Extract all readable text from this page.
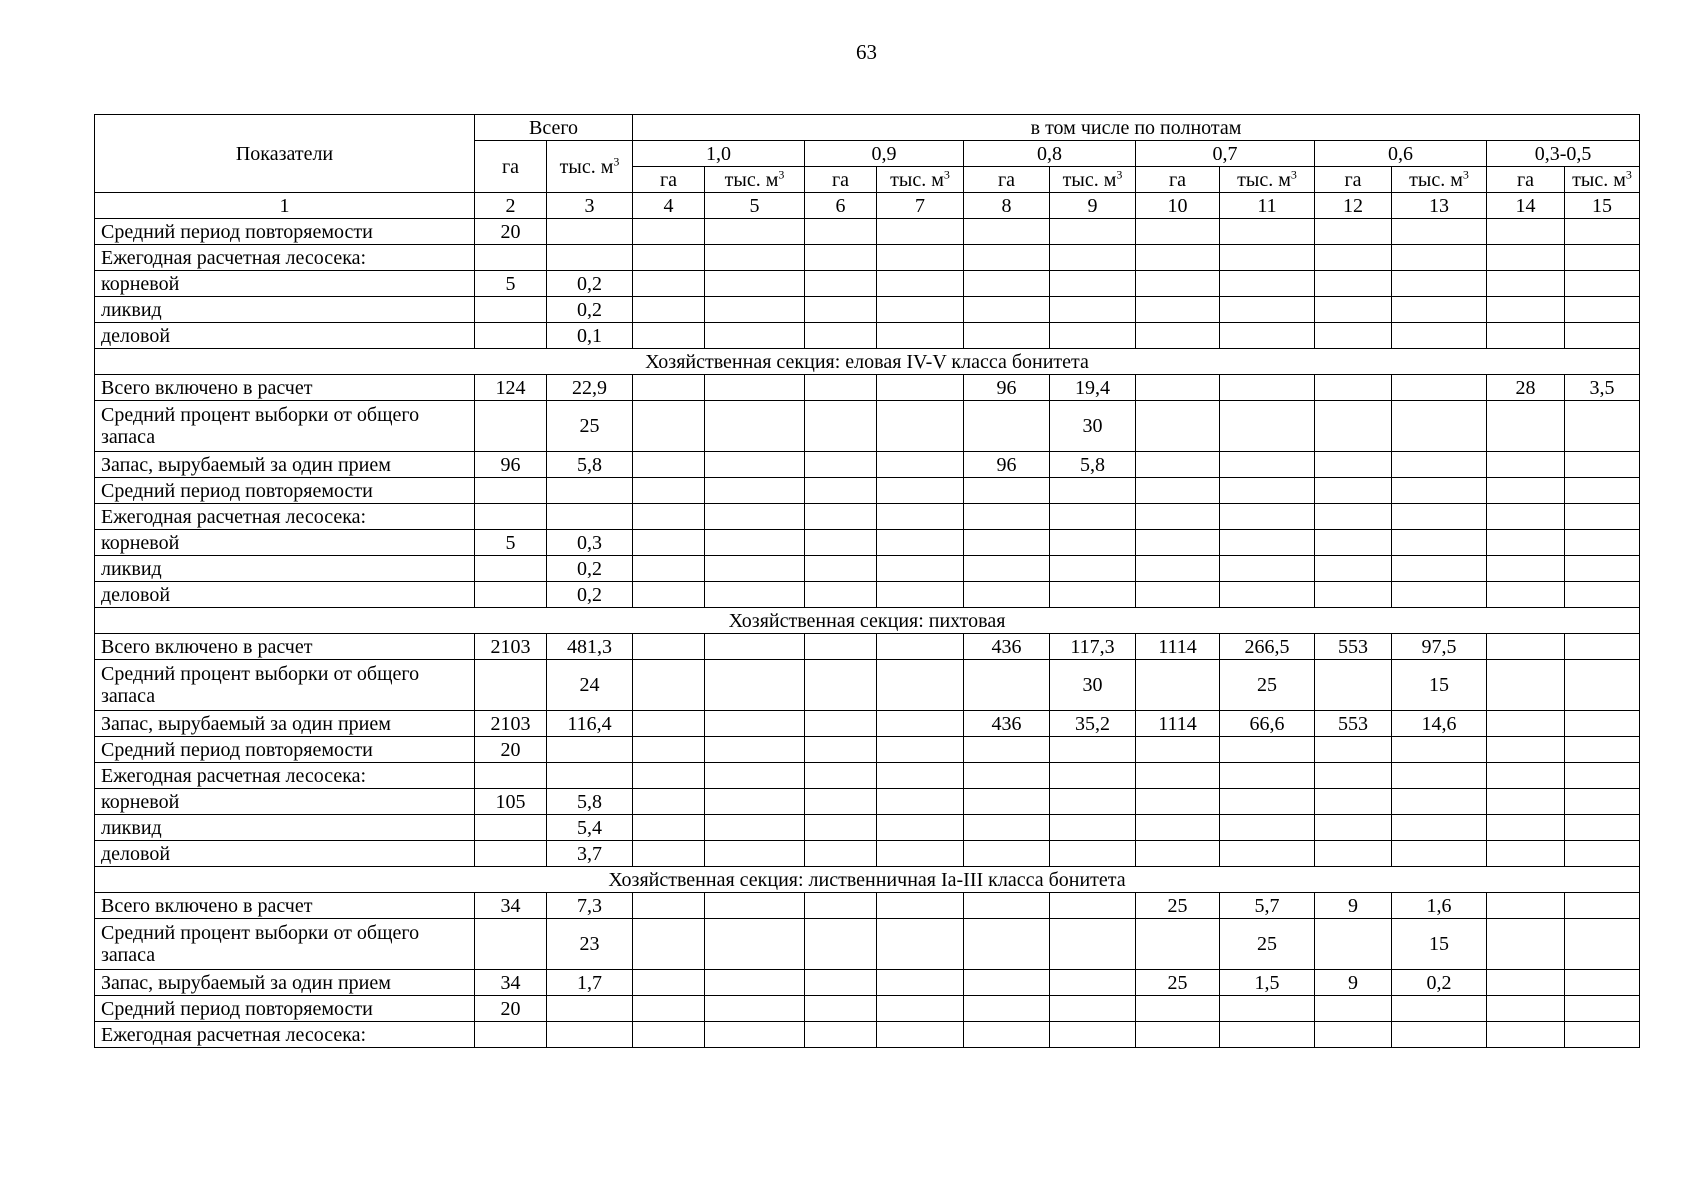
63
Показатели	Всего		в том числе по полнотам											
	га	тыс. $м^3$	1,0		0,9		0,8		0,7		0,6		0,3-0,5	
			га	тыс. $м^3$	га	тыс. $м^3$	га	тыс. $м^3$	га	тыс. $м^3$	га	тыс. $м^3$	га	тыс. $м^3$
1	2	3	4	5	6	7	8	9	10	11	12	13	14	15
Средний период повторяемости	20													
Ежегодная расчетная лесосека:														
корневой	5	0,2												
ликвид		0,2												
деловой		0,1												
Хозяйственная секция: еловая IV-V класса бонитета														
Всего включено в расчет	124	22,9					96	19,4					28	3,5
Средний процент выборки от общего запаса		25						30						
Запас, вырубаемый за один прием	96	5,8					96	5,8						
Средний период повторяемости														
Ежегодная расчетная лесосека:														
корневой	5	0,3												
ликвид		0,2												
деловой		0,2												
Хозяйственная секция: пихтовая														
Всего включено в расчет	2103	481,3					436	117,3	1114	266,5	553	97,5		
Средний процент выборки от общего запаса		24						30		25		15		
Запас, вырубаемый за один прием	2103	116,4					436	35,2	1114	66,6	553	14,6		
Средний период повторяемости	20													
Ежегодная расчетная лесосека:														
корневой	105	5,8												
ликвид		5,4												
деловой		3,7												
Хозяйственная секция: лиственничная Ia-III класса бонитета														
Всего включено в расчет	34	7,3							25	5,7	9	1,6		
Средний процент выборки от общего запаса		23								25		15		
Запас, вырубаемый за один прием	34	1,7							25	1,5	9	0,2		
Средний период повторяемости	20													
Ежегодная расчетная лесосека:														
